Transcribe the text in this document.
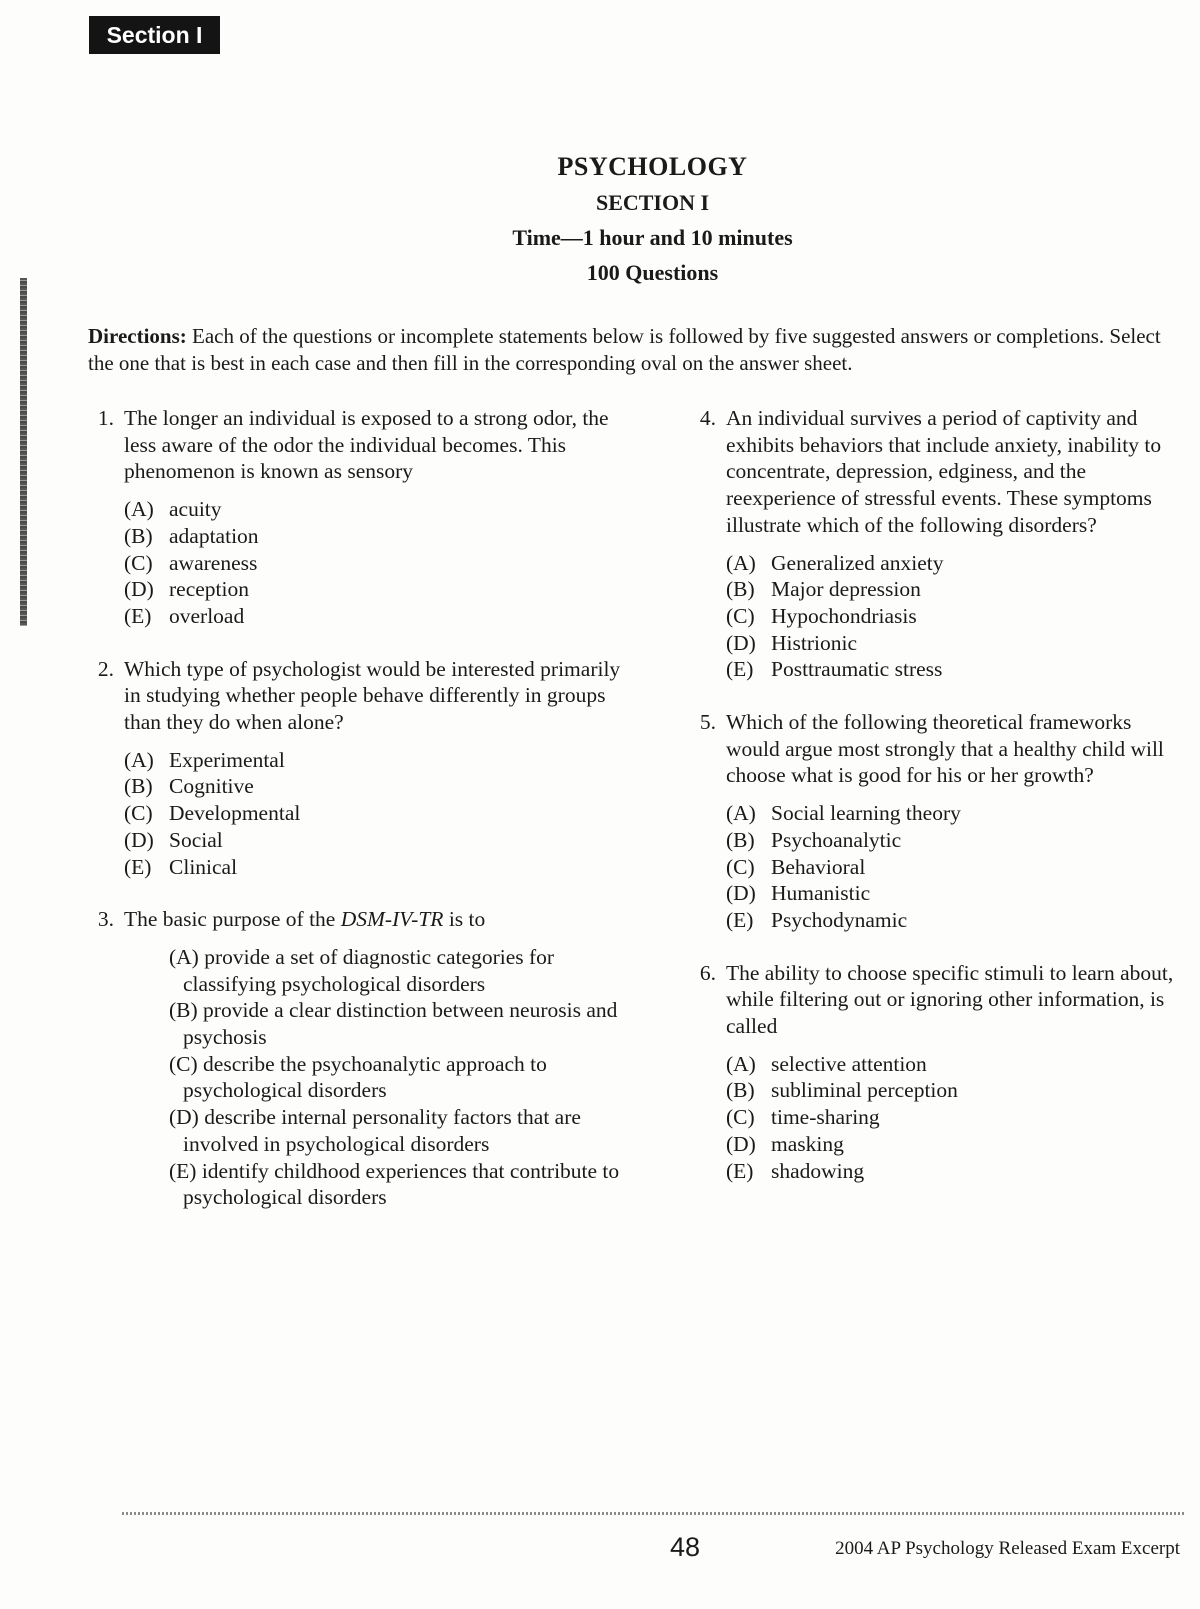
Section I
PSYCHOLOGY
SECTION I
Time—1 hour and 10 minutes
100 Questions
Directions: Each of the questions or incomplete statements below is followed by five suggested answers or completions. Select the one that is best in each case and then fill in the corresponding oval on the answer sheet.
1. The longer an individual is exposed to a strong odor, the less aware of the odor the individual becomes. This phenomenon is known as sensory
(A) acuity
(B) adaptation
(C) awareness
(D) reception
(E) overload
2. Which type of psychologist would be interested primarily in studying whether people behave differently in groups than they do when alone?
(A) Experimental
(B) Cognitive
(C) Developmental
(D) Social
(E) Clinical
3. The basic purpose of the DSM-IV-TR is to
(A) provide a set of diagnostic categories for classifying psychological disorders
(B) provide a clear distinction between neurosis and psychosis
(C) describe the psychoanalytic approach to psychological disorders
(D) describe internal personality factors that are involved in psychological disorders
(E) identify childhood experiences that contribute to psychological disorders
4. An individual survives a period of captivity and exhibits behaviors that include anxiety, inability to concentrate, depression, edginess, and the reexperience of stressful events. These symptoms illustrate which of the following disorders?
(A) Generalized anxiety
(B) Major depression
(C) Hypochondriasis
(D) Histrionic
(E) Posttraumatic stress
5. Which of the following theoretical frameworks would argue most strongly that a healthy child will choose what is good for his or her growth?
(A) Social learning theory
(B) Psychoanalytic
(C) Behavioral
(D) Humanistic
(E) Psychodynamic
6. The ability to choose specific stimuli to learn about, while filtering out or ignoring other information, is called
(A) selective attention
(B) subliminal perception
(C) time-sharing
(D) masking
(E) shadowing
48	2004 AP Psychology Released Exam Excerpt
